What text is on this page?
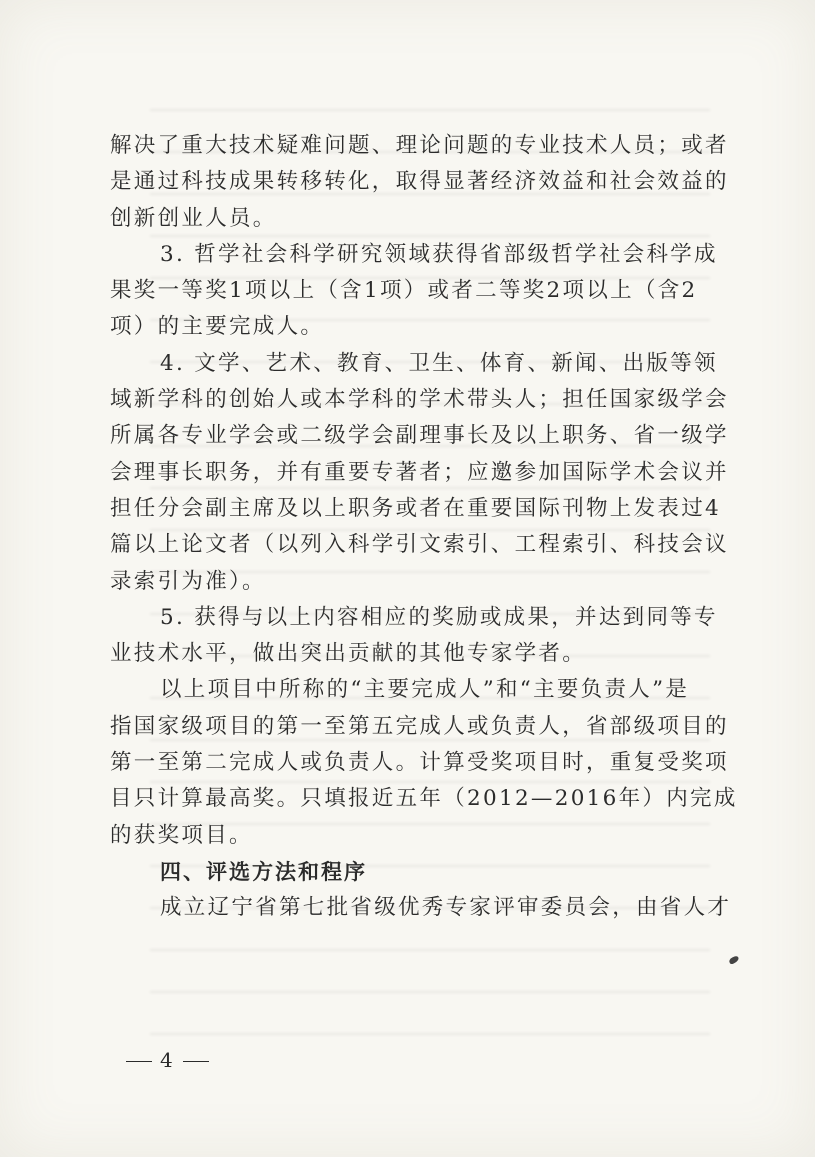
解决了重大技术疑难问题、理论问题的专业技术人员；或者
是通过科技成果转移转化，取得显著经济效益和社会效益的
创新创业人员。
3. 哲学社会科学研究领域获得省部级哲学社会科学成
果奖一等奖1项以上（含1项）或者二等奖2项以上（含2
项）的主要完成人。
4. 文学、艺术、教育、卫生、体育、新闻、出版等领
域新学科的创始人或本学科的学术带头人；担任国家级学会
所属各专业学会或二级学会副理事长及以上职务、省一级学
会理事长职务，并有重要专著者；应邀参加国际学术会议并
担任分会副主席及以上职务或者在重要国际刊物上发表过4
篇以上论文者（以列入科学引文索引、工程索引、科技会议
录索引为准）。
5. 获得与以上内容相应的奖励或成果，并达到同等专
业技术水平，做出突出贡献的其他专家学者。
以上项目中所称的“主要完成人”和“主要负责人”是
指国家级项目的第一至第五完成人或负责人，省部级项目的
第一至第二完成人或负责人。计算受奖项目时，重复受奖项
目只计算最高奖。只填报近五年（2012—2016年）内完成
的获奖项目。
四、评选方法和程序
成立辽宁省第七批省级优秀专家评审委员会，由省人才
4
